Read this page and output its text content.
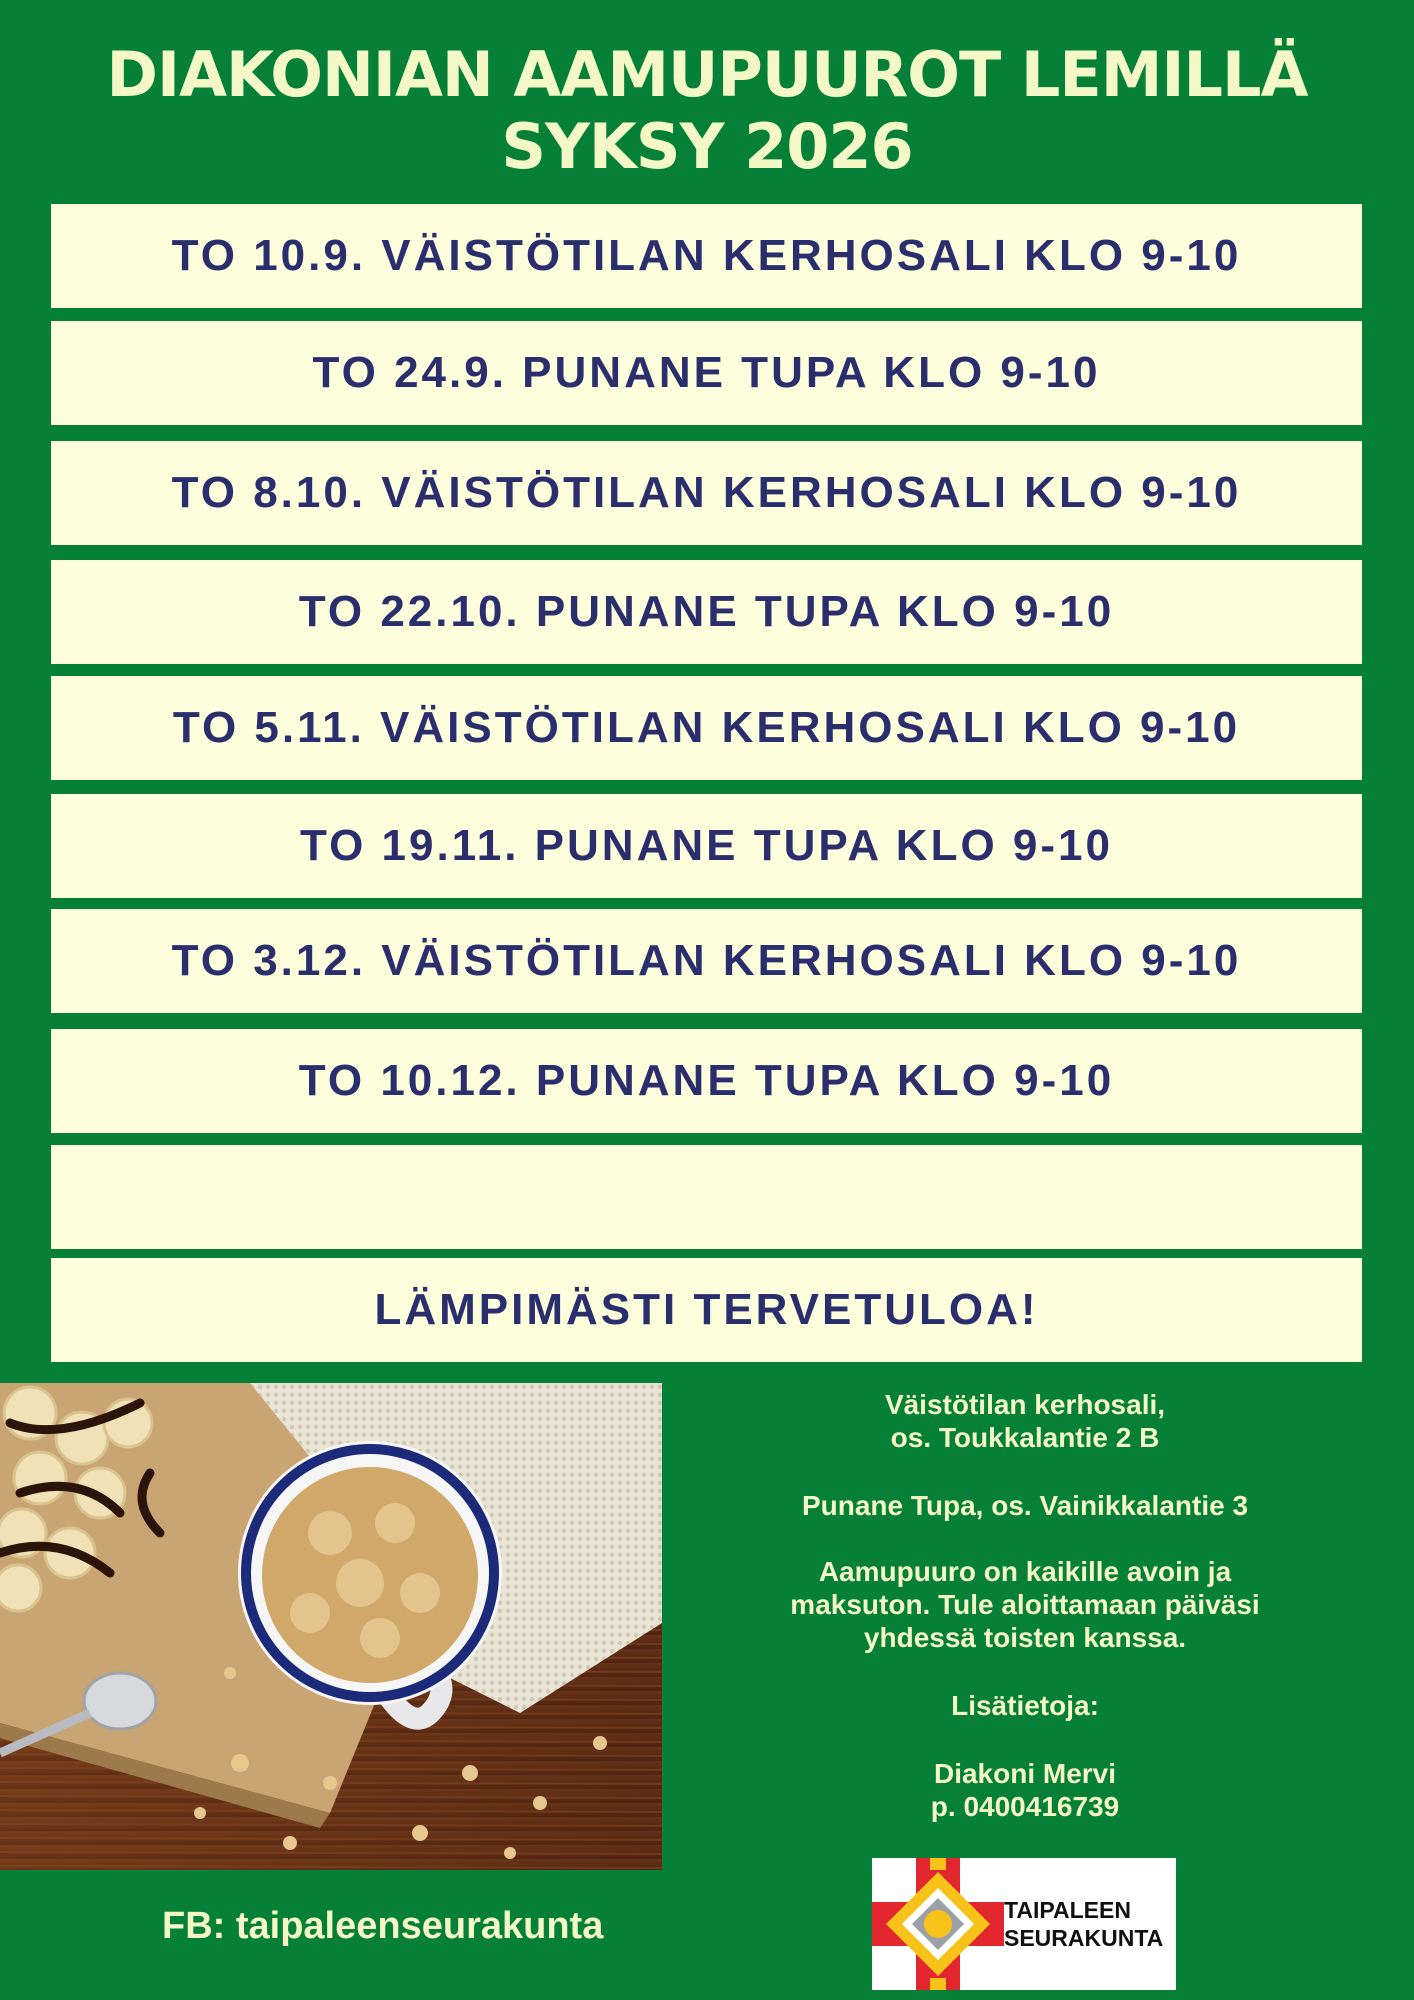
DIAKONIAN AAMUPUUROT LEMILLÄ
SYKSY 2026
TO 10.9. VÄISTÖTILAN KERHOSALI KLO 9-10
TO 24.9. PUNANE TUPA KLO 9-10
TO 8.10. VÄISTÖTILAN KERHOSALI KLO 9-10
TO 22.10. PUNANE TUPA KLO 9-10
TO 5.11. VÄISTÖTILAN KERHOSALI KLO 9-10
TO 19.11. PUNANE TUPA KLO 9-10
TO 3.12. VÄISTÖTILAN KERHOSALI KLO 9-10
TO 10.12. PUNANE TUPA KLO 9-10
LÄMPIMÄSTI TERVETULOA!
Väistötilan kerhosali,
os. Toukkalantie 2 B
Punane Tupa, os. Vainikkalantie 3
Aamupuuro on kaikille avoin ja
maksuton. Tule aloittamaan päiväsi
yhdessä toisten kanssa.
Lisätietoja:
Diakoni Mervi
p. 0400416739
FB: taipaleenseurakunta	TAIPALEEN
SEURAKUNTA
